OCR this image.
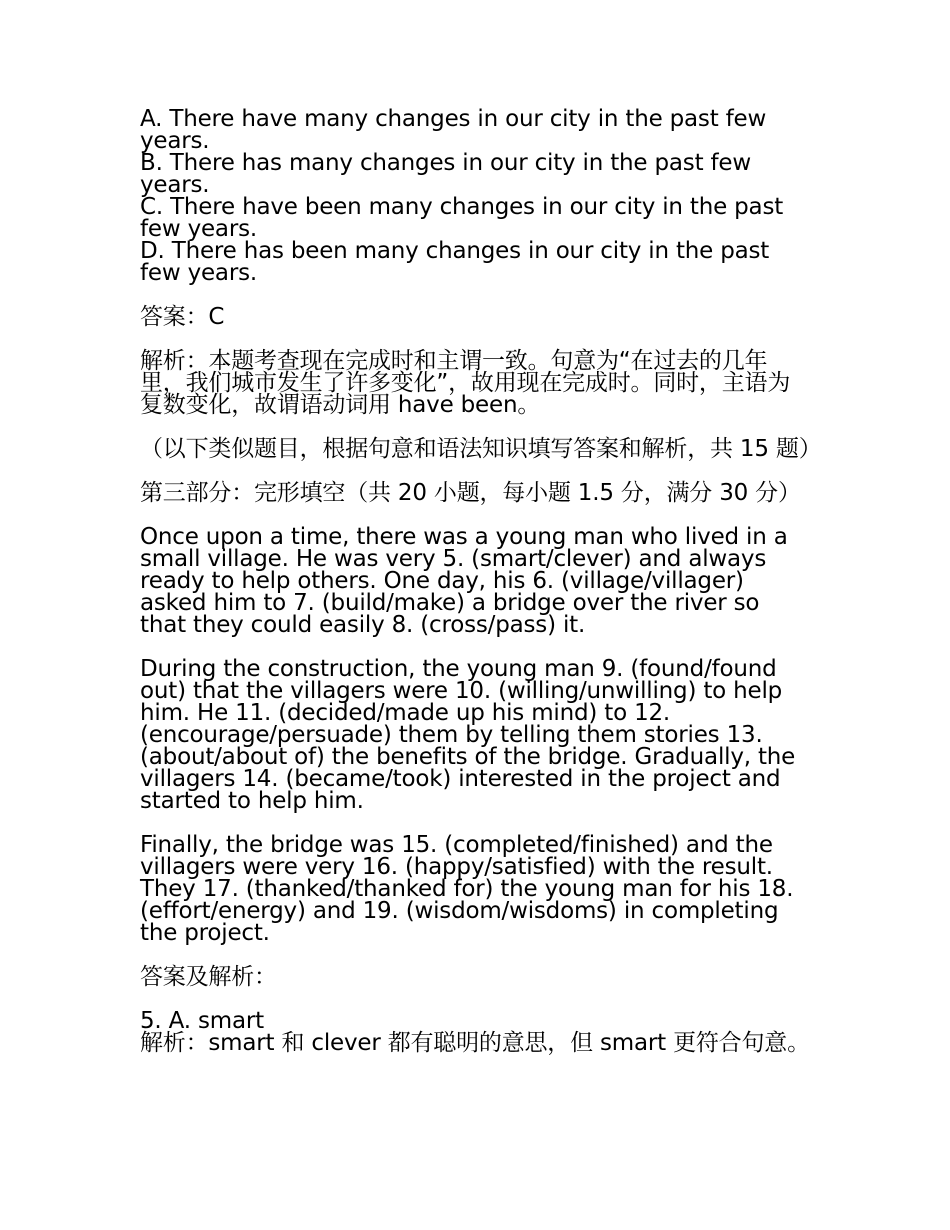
A. There have many changes in our city in the past few years.
B. There has many changes in our city in the past few years.
C. There have been many changes in our city in the past few years.
D. There has been many changes in our city in the past few years.

答案：C

解析：本题考查现在完成时和主谓一致。句意为“在过去的几年里，我们城市发生了许多变化”，故用现在完成时。同时，主语为复数变化，故谓语动词用 have been。

（以下类似题目，根据句意和语法知识填写答案和解析，共 15 题）

第三部分：完形填空（共 20 小题，每小题 1.5 分，满分 30 分）

Once upon a time, there was a young man who lived in a small village. He was very 5. (smart/clever) and always ready to help others. One day, his 6. (village/villager) asked him to 7. (build/make) a bridge over the river so that they could easily 8. (cross/pass) it.

During the construction, the young man 9. (found/found out) that the villagers were 10. (willing/unwilling) to help him. He 11. (decided/made up his mind) to 12. (encourage/persuade) them by telling them stories 13. (about/about of) the benefits of the bridge. Gradually, the villagers 14. (became/took) interested in the project and started to help him.

Finally, the bridge was 15. (completed/finished) and the villagers were very 16. (happy/satisfied) with the result. They 17. (thanked/thanked for) the young man for his 18. (effort/energy) and 19. (wisdom/wisdoms) in completing the project.

答案及解析：

5. A. smart
解析：smart 和 clever 都有聪明的意思，但 smart 更符合句意。
